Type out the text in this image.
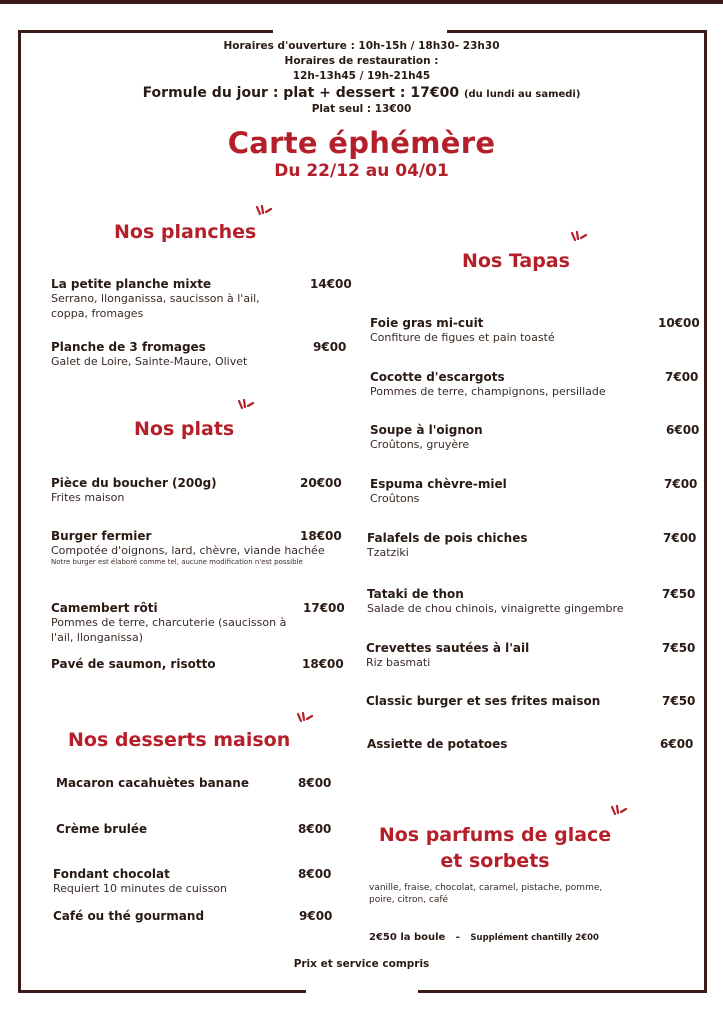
Horaires d'ouverture : 10h-15h / 18h30- 23h30
Horaires de restauration :
12h-13h45 / 19h-21h45
Formule du jour : plat + dessert : 17€00 (du lundi au samedi)
Plat seul : 13€00
Carte éphémère
Du 22/12 au 04/01
Nos planches
La petite planche mixte	14€00
Serrano, llonganissa, saucisson à l'ail, coppa, fromages
Planche de 3 fromages	9€00
Galet de Loire, Sainte-Maure, Olivet
Nos plats
Pièce du boucher (200g)	20€00
Frites maison
Burger fermier	18€00
Compotée d'oignons, lard, chèvre, viande hachée
Notre burger est élaboré comme tel, aucune modification n'est possible
Camembert rôti	17€00
Pommes de terre, charcuterie (saucisson à l'ail, llonganissa)
Pavé de saumon, risotto	18€00
Nos desserts maison
Macaron cacahuètes banane	8€00
Crème brulée	8€00
Fondant chocolat	8€00
Requiert 10 minutes de cuisson
Café ou thé gourmand	9€00
Nos Tapas
Foie gras mi-cuit	10€00
Confiture de figues et pain toasté
Cocotte d'escargots	7€00
Pommes de terre, champignons, persillade
Soupe à l'oignon	6€00
Croûtons, gruyère
Espuma chèvre-miel	7€00
Croûtons
Falafels de pois chiches	7€00
Tzatziki
Tataki de thon	7€50
Salade de chou chinois, vinaigrette gingembre
Crevettes sautées à l'ail	7€50
Riz basmati
Classic burger et ses frites maison	7€50
Assiette de potatoes	6€00
Nos parfums de glace
et sorbets
vanille, fraise, chocolat, caramel, pistache, pomme, poire, citron, café
2€50 la boule - Supplément chantilly 2€00
Prix et service compris
